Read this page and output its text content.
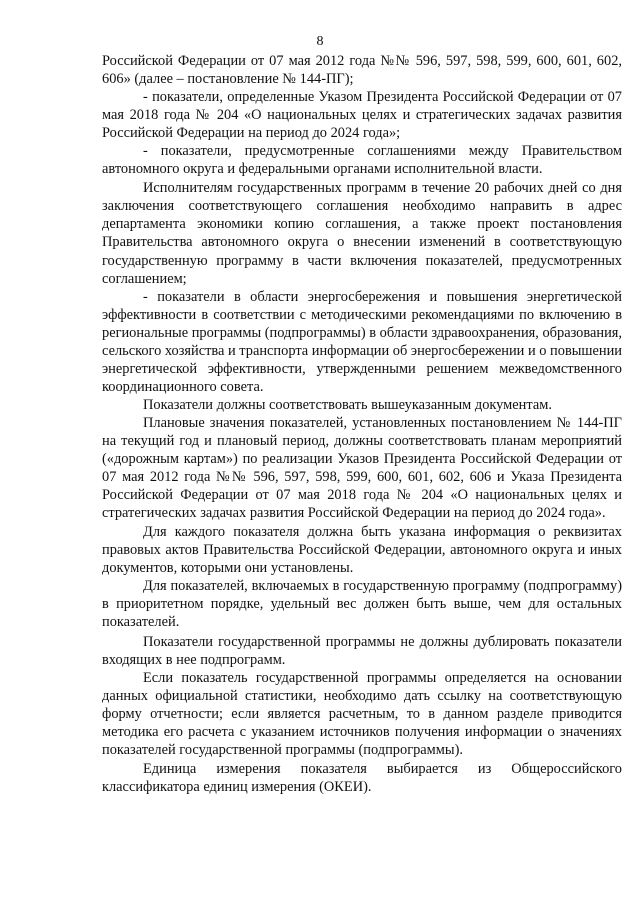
8

Российской Федерации от 07 мая 2012 года №№ 596, 597, 598, 599, 600, 601, 602, 606» (далее – постановление № 144-ПГ);

- показатели, определенные Указом Президента Российской Федерации от 07 мая 2018 года № 204 «О национальных целях и стратегических задачах развития Российской Федерации на период до 2024 года»;

- показатели, предусмотренные соглашениями между Правительством автономного округа и федеральными органами исполнительной власти.

Исполнителям государственных программ в течение 20 рабочих дней со дня заключения соответствующего соглашения необходимо направить в адрес департамента экономики копию соглашения, а также проект постановления Правительства автономного округа о внесении изменений в соответствующую государственную программу в части включения показателей, предусмотренных соглашением;

- показатели в области энергосбережения и повышения энергетической эффективности в соответствии с методическими рекомендациями по включению в региональные программы (подпрограммы) в области здравоохранения, образования, сельского хозяйства и транспорта информации об энергосбережении и о повышении энергетической эффективности, утвержденными решением межведомственного координационного совета.

Показатели должны соответствовать вышеуказанным документам.

Плановые значения показателей, установленных постановлением № 144-ПГ на текущий год и плановый период, должны соответствовать планам мероприятий («дорожным картам») по реализации Указов Президента Российской Федерации от 07 мая 2012 года №№ 596, 597, 598, 599, 600, 601, 602, 606 и Указа Президента Российской Федерации от 07 мая 2018 года № 204 «О национальных целях и стратегических задачах развития Российской Федерации на период до 2024 года».

Для каждого показателя должна быть указана информация о реквизитах правовых актов Правительства Российской Федерации, автономного округа и иных документов, которыми они установлены.

Для показателей, включаемых в государственную программу (подпрограмму) в приоритетном порядке, удельный вес должен быть выше, чем для остальных показателей.

Показатели государственной программы не должны дублировать показатели входящих в нее подпрограмм.

Если показатель государственной программы определяется на основании данных официальной статистики, необходимо дать ссылку на соответствующую форму отчетности; если является расчетным, то в данном разделе приводится методика его расчета с указанием источников получения информации о значениях показателей государственной программы (подпрограммы).

Единица измерения показателя выбирается из Общероссийского классификатора единиц измерения (ОКЕИ).
